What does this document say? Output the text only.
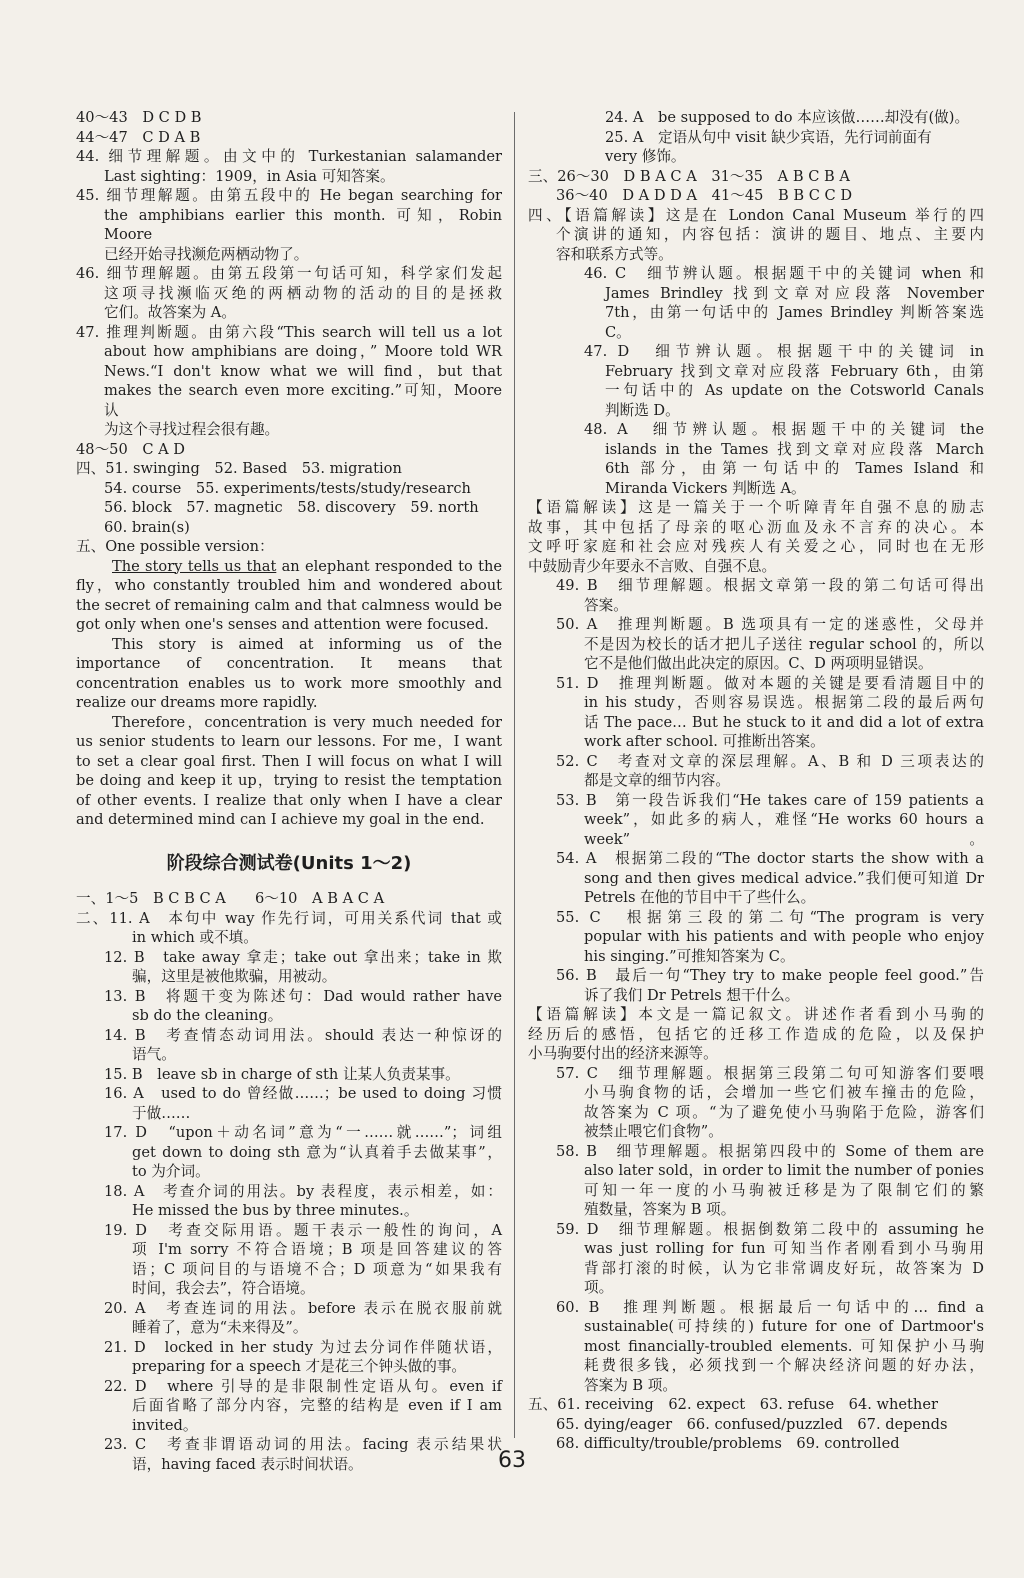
40～43　D C D B
44～47　C D A B
44. 细节理解题。由文中的 Turkestanian salamander
Last sighting：1909，in Asia 可知答案。
45. 细节理解题。由第五段中的 He began searching for
the amphibians earlier this month. 可知，Robin Moore
已经开始寻找濒危两栖动物了。
46. 细节理解题。由第五段第一句话可知，科学家们发起
这项寻找濒临灭绝的两栖动物的活动的目的是拯救
它们。故答案为 A。
47. 推理判断题。由第六段“This search will tell us a lot
about how amphibians are doing，” Moore told WR
News.“I don't know what we will find，but that
makes the search even more exciting.”可知，Moore 认
为这个寻找过程会很有趣。
48～50　C A D
四、51. swinging　52. Based　53. migration
54. course　55. experiments/tests/study/research
56. block　57. magnetic　58. discovery　59. north
60. brain(s)
五、One possible version：
The story tells us that an elephant responded to the fly，who constantly troubled him and wondered about the secret of remaining calm and that calmness would be got only when one's senses and attention were focused.
This story is aimed at informing us of the importance of concentration. It means that concentration enables us to work more smoothly and realize our dreams more rapidly.
Therefore，concentration is very much needed for us senior students to learn our lessons. For me，I want to set a clear goal first. Then I will focus on what I will be doing and keep it up，trying to resist the temptation of other events. I realize that only when I have a clear and determined mind can I achieve my goal in the end.
阶段综合测试卷(Units 1～2)
一、1～5　B C B C A　　6～10　A B A C A
二、11. A　本句中 way 作先行词，可用关系代词 that 或
in which 或不填。
12. B　take away 拿走；take out 拿出来；take in 欺
骗，这里是被他欺骗，用被动。
13. B　将题干变为陈述句：Dad would rather have
sb do the cleaning。
14. B　考查情态动词用法。should 表达一种惊讶的
语气。
15. B　leave sb in charge of sth 让某人负责某事。
16. A　used to do 曾经做……；be used to doing 习惯
于做……
17. D　“upon＋动名词”意为“一……就……”；词组
get down to doing sth 意为“认真着手去做某事”，
to 为介词。
18. A　考查介词的用法。by 表程度，表示相差，如：
He missed the bus by three minutes.。
19. D　考查交际用语。题干表示一般性的询问，A
项 I'm sorry 不符合语境；B 项是回答建议的答
语；C 项问目的与语境不合；D 项意为“如果我有
时间，我会去”，符合语境。
20. A　考查连词的用法。before 表示在脱衣服前就
睡着了，意为“未来得及”。
21. D　locked in her study 为过去分词作伴随状语，
preparing for a speech 才是花三个钟头做的事。
22. D　where 引导的是非限制性定语从句。even if
后面省略了部分内容，完整的结构是 even if I am
invited。
23. C　考查非谓语动词的用法。facing 表示结果状
语，having faced 表示时间状语。
24. A　be supposed to do 本应该做……却没有(做)。
25. A　定语从句中 visit 缺少宾语，先行词前面有
very 修饰。
三、26～30　D B A C A　31～35　A B C B A
36～40　D A D D A　41～45　B B C C D
四、【语篇解读】这是在 London Canal Museum 举行的四
个演讲的通知，内容包括：演讲的题目、地点、主要内
容和联系方式等。
46. C　细节辨认题。根据题干中的关键词 when 和
James Brindley 找到文章对应段落 November
7th，由第一句话中的 James Brindley 判断答案选
C。
47. D　细节辨认题。根据题干中的关键词 in
February 找到文章对应段落 February 6th，由第
一句话中的 As update on the Cotsworld Canals
判断选 D。
48. A　细节辨认题。根据题干中的关键词 the
islands in the Tames 找到文章对应段落 March
6th 部分，由第一句话中的 Tames Island 和
Miranda Vickers 判断选 A。
【语篇解读】这是一篇关于一个听障青年自强不息的励志
故事，其中包括了母亲的呕心沥血及永不言弃的决心。本
文呼吁家庭和社会应对残疾人有关爱之心，同时也在无形
中鼓励青少年要永不言败、自强不息。
49. B　细节理解题。根据文章第一段的第二句话可得出
答案。
50. A　推理判断题。B 选项具有一定的迷惑性，父母并
不是因为校长的话才把儿子送往 regular school 的，所以
它不是他们做出此决定的原因。C、D 两项明显错误。
51. D　推理判断题。做对本题的关键是要看清题目中的
in his study，否则容易误选。根据第二段的最后两句
话 The pace… But he stuck to it and did a lot of extra
work after school. 可推断出答案。
52. C　考查对文章的深层理解。A、B 和 D 三项表达的
都是文章的细节内容。
53. B　第一段告诉我们“He takes care of 159 patients a
week”，如此多的病人，难怪“He works 60 hours a week”。
54. A　根据第二段的“The doctor starts the show with a
song and then gives medical advice.”我们便可知道 Dr
Petrels 在他的节目中干了些什么。
55. C　根据第三段的第二句“The program is very
popular with his patients and with people who enjoy
his singing.”可推知答案为 C。
56. B　最后一句“They try to make people feel good.”告
诉了我们 Dr Petrels 想干什么。
【语篇解读】本文是一篇记叙文。讲述作者看到小马驹的
经历后的感悟，包括它的迁移工作造成的危险，以及保护
小马驹要付出的经济来源等。
57. C　细节理解题。根据第三段第二句可知游客们要喂
小马驹食物的话，会增加一些它们被车撞击的危险，
故答案为 C 项。“为了避免使小马驹陷于危险，游客们
被禁止喂它们食物”。
58. B　细节理解题。根据第四段中的 Some of them are
also later sold，in order to limit the number of ponies
可知一年一度的小马驹被迁移是为了限制它们的繁
殖数量，答案为 B 项。
59. D　细节理解题。根据倒数第二段中的 assuming he
was just rolling for fun 可知当作者刚看到小马驹用
背部打滚的时候，认为它非常调皮好玩，故答案为 D
项。
60. B　推理判断题。根据最后一句话中的… find a
sustainable(可持续的) future for one of Dartmoor's
most financially-troubled elements. 可知保护小马驹
耗费很多钱，必须找到一个解决经济问题的好办法，
答案为 B 项。
五、61. receiving　62. expect　63. refuse　64. whether
65. dying/eager　66. confused/puzzled　67. depends
68. difficulty/trouble/problems　69. controlled
63
